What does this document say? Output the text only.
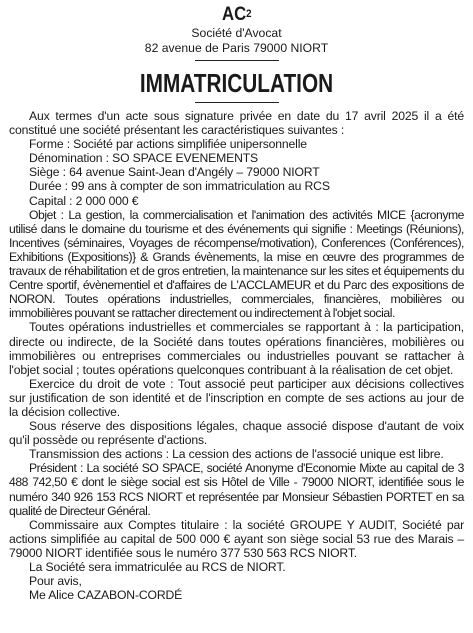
$AC^2$
Société d'Avocat
82 avenue de Paris 79000 NIORT
IMMATRICULATION

Aux termes d'un acte sous signature privée en date du 17 avril 2025 il a été constitué une société présentant les caractéristiques suivantes :

Forme : Société par actions simplifiée unipersonnelle

Dénomination : SO SPACE EVENEMENTS

Siège : 64 avenue Saint-Jean d'Angély – 79000 NIORT

Durée : 99 ans à compter de son immatriculation au RCS

Capital : 2 000 000 €

Objet : La gestion, la commercialisation et l'animation des activités MICE {acronyme utilisé dans le domaine du tourisme et des événements qui signifie : Meetings (Réunions), Incentives (séminaires, Voyages de récompense/motivation), Conferences (Conférences), Exhibitions (Expositions)} & Grands évènements, la mise en œuvre des programmes de travaux de réhabilitation et de gros entretien, la maintenance sur les sites et équipements du Centre sportif, évènementiel et d'affaires de L'ACCLAMEUR et du Parc des expositions de NORON. Toutes opérations industrielles, commerciales, financières, mobilières ou immobilières pouvant se rattacher directement ou indirectement à l'objet social.

Toutes opérations industrielles et commerciales se rapportant à : la participation, directe ou indirecte, de la Société dans toutes opérations financières, mobilières ou immobilières ou entreprises commerciales ou industrielles pouvant se rattacher à l'objet social ; toutes opérations quelconques contribuant à la réalisation de cet objet.

Exercice du droit de vote : Tout associé peut participer aux décisions collectives sur justification de son identité et de l'inscription en compte de ses actions au jour de la décision collective.

Sous réserve des dispositions légales, chaque associé dispose d'autant de voix qu'il possède ou représente d'actions.

Transmission des actions : La cession des actions de l'associé unique est libre.

Président : La société SO SPACE, société Anonyme d'Economie Mixte au capital de 3 488 742,50 € dont le siège social est sis Hôtel de Ville - 79000 NIORT, identifiée sous le numéro 340 926 153 RCS NIORT et représentée par Monsieur Sébastien PORTET en sa qualité de Directeur Général.

Commissaire aux Comptes titulaire : la société GROUPE Y AUDIT, Société par actions simplifiée au capital de 500 000 € ayant son siège social 53 rue des Marais – 79000 NIORT identifiée sous le numéro 377 530 563 RCS NIORT.

La Société sera immatriculée au RCS de NIORT.

Pour avis,

Me Alice CAZABON-CORDÉ
